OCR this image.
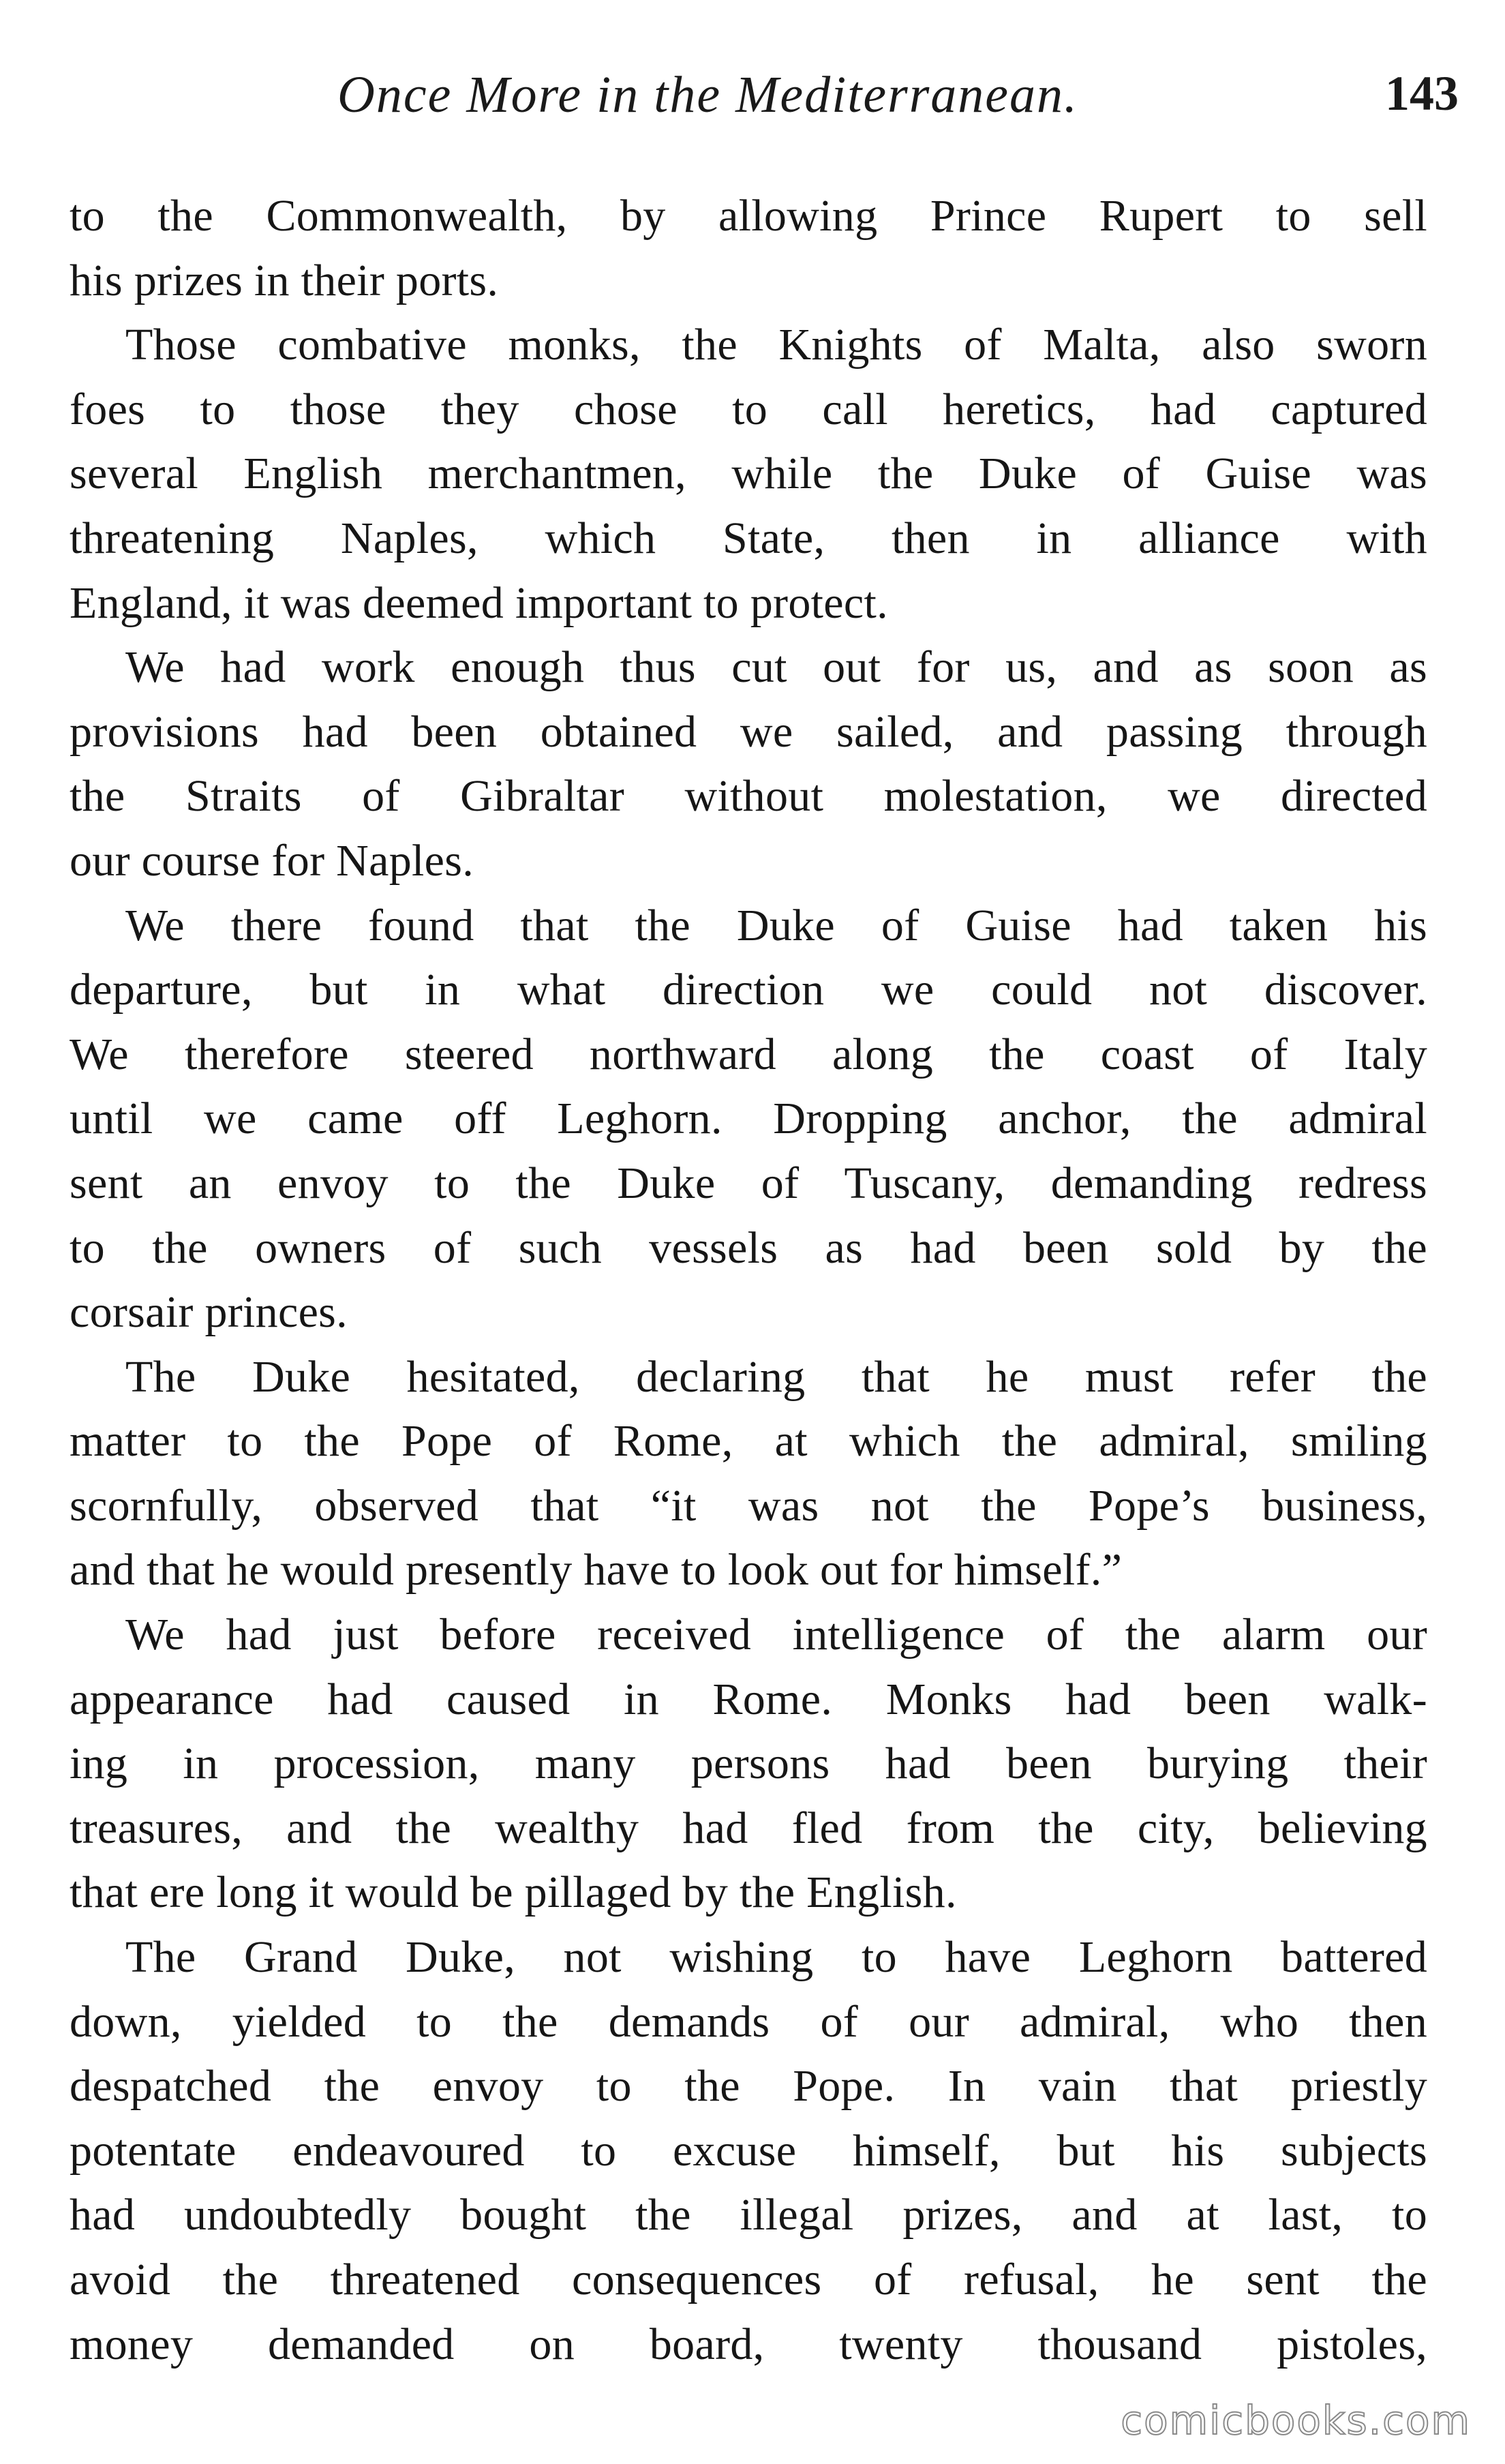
Once More in the Mediterranean.	143
to the Commonwealth, by allowing Prince Rupert to sell
his prizes in their ports.
Those combative monks, the Knights of Malta, also sworn
foes to those they chose to call heretics, had captured
several English merchantmen, while the Duke of Guise was
threatening Naples, which State, then in alliance with
England, it was deemed important to protect.
We had work enough thus cut out for us, and as soon as
provisions had been obtained we sailed, and passing through
the Straits of Gibraltar without molestation, we directed
our course for Naples.
We there found that the Duke of Guise had taken his
departure, but in what direction we could not discover.
We therefore steered northward along the coast of Italy
until we came off Leghorn. Dropping anchor, the admiral
sent an envoy to the Duke of Tuscany, demanding redress
to the owners of such vessels as had been sold by the
corsair princes.
The Duke hesitated, declaring that he must refer the
matter to the Pope of Rome, at which the admiral, smiling
scornfully, observed that “it was not the Pope’s business,
and that he would presently have to look out for himself.”
We had just before received intelligence of the alarm our
appearance had caused in Rome. Monks had been walk-
ing in procession, many persons had been burying their
treasures, and the wealthy had fled from the city, believing
that ere long it would be pillaged by the English.
The Grand Duke, not wishing to have Leghorn battered
down, yielded to the demands of our admiral, who then
despatched the envoy to the Pope. In vain that priestly
potentate endeavoured to excuse himself, but his subjects
had undoubtedly bought the illegal prizes, and at last, to
avoid the threatened consequences of refusal, he sent the
money demanded on board, twenty thousand pistoles,
comicbooks.com
